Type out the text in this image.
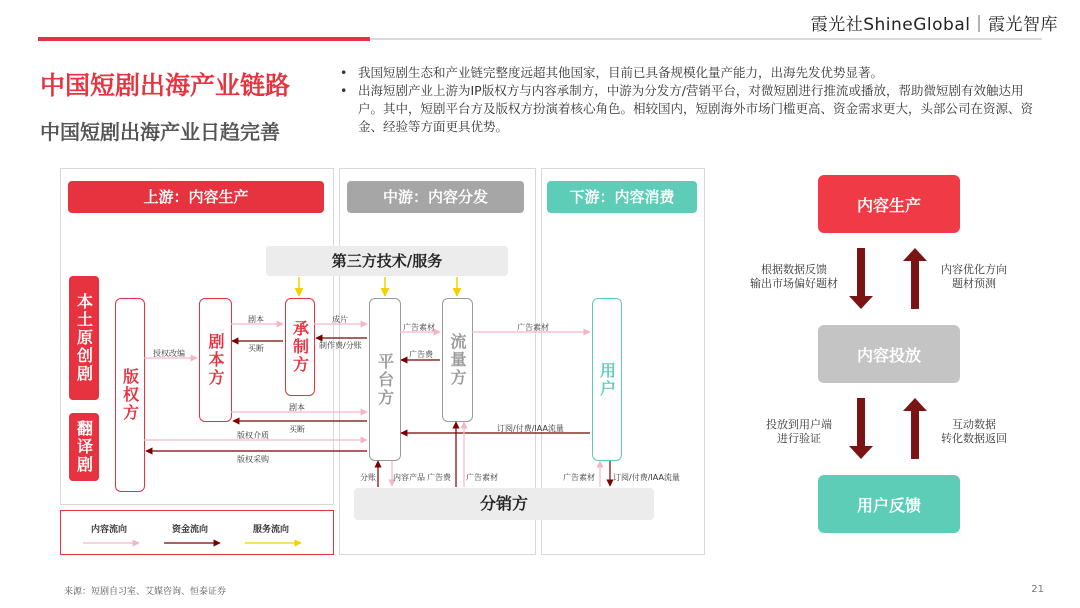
霞光社ShineGlobal｜霞光智库
中国短剧出海产业链路
中国短剧出海产业日趋完善
• 我国短剧生态和产业链完整度远超其他国家，目前已具备规模化量产能力，出海先发优势显著。
• 出海短剧产业上游为IP版权方与内容承制方，中游为分发方/营销平台，对微短剧进行推流或播放，帮助微短剧有效触达用户。其中，短剧平台方及版权方扮演着核心角色。相较国内，短剧海外市场门槛更高、资金需求更大，头部公司在资源、资金、经验等方面更具优势。
上游：内容生产	中游：内容分发	下游：内容消费
第三方技术/服务
分销方
本土原创剧
翻译剧
版权方
剧本方	承制方
平台方	流量方	用户
剧本
买断
成片
制作费/分账
授权改编
广告素材
广告费
广告素材
剧本
买断
版权介质
版权采购
订阅/付费/IAA流量
分账 内容产品 广告费 广告素材	广告素材 订阅/付费/IAA流量
内容流向	资金流向	服务流向
内容生产
内容投放
用户反馈
根据数据反馈
输出市场偏好题材
内容优化方向
题材预测
投放到用户端
进行验证
互动数据
转化数据返回
来源：短剧自习室、艾媒咨询、恒泰证券	21
